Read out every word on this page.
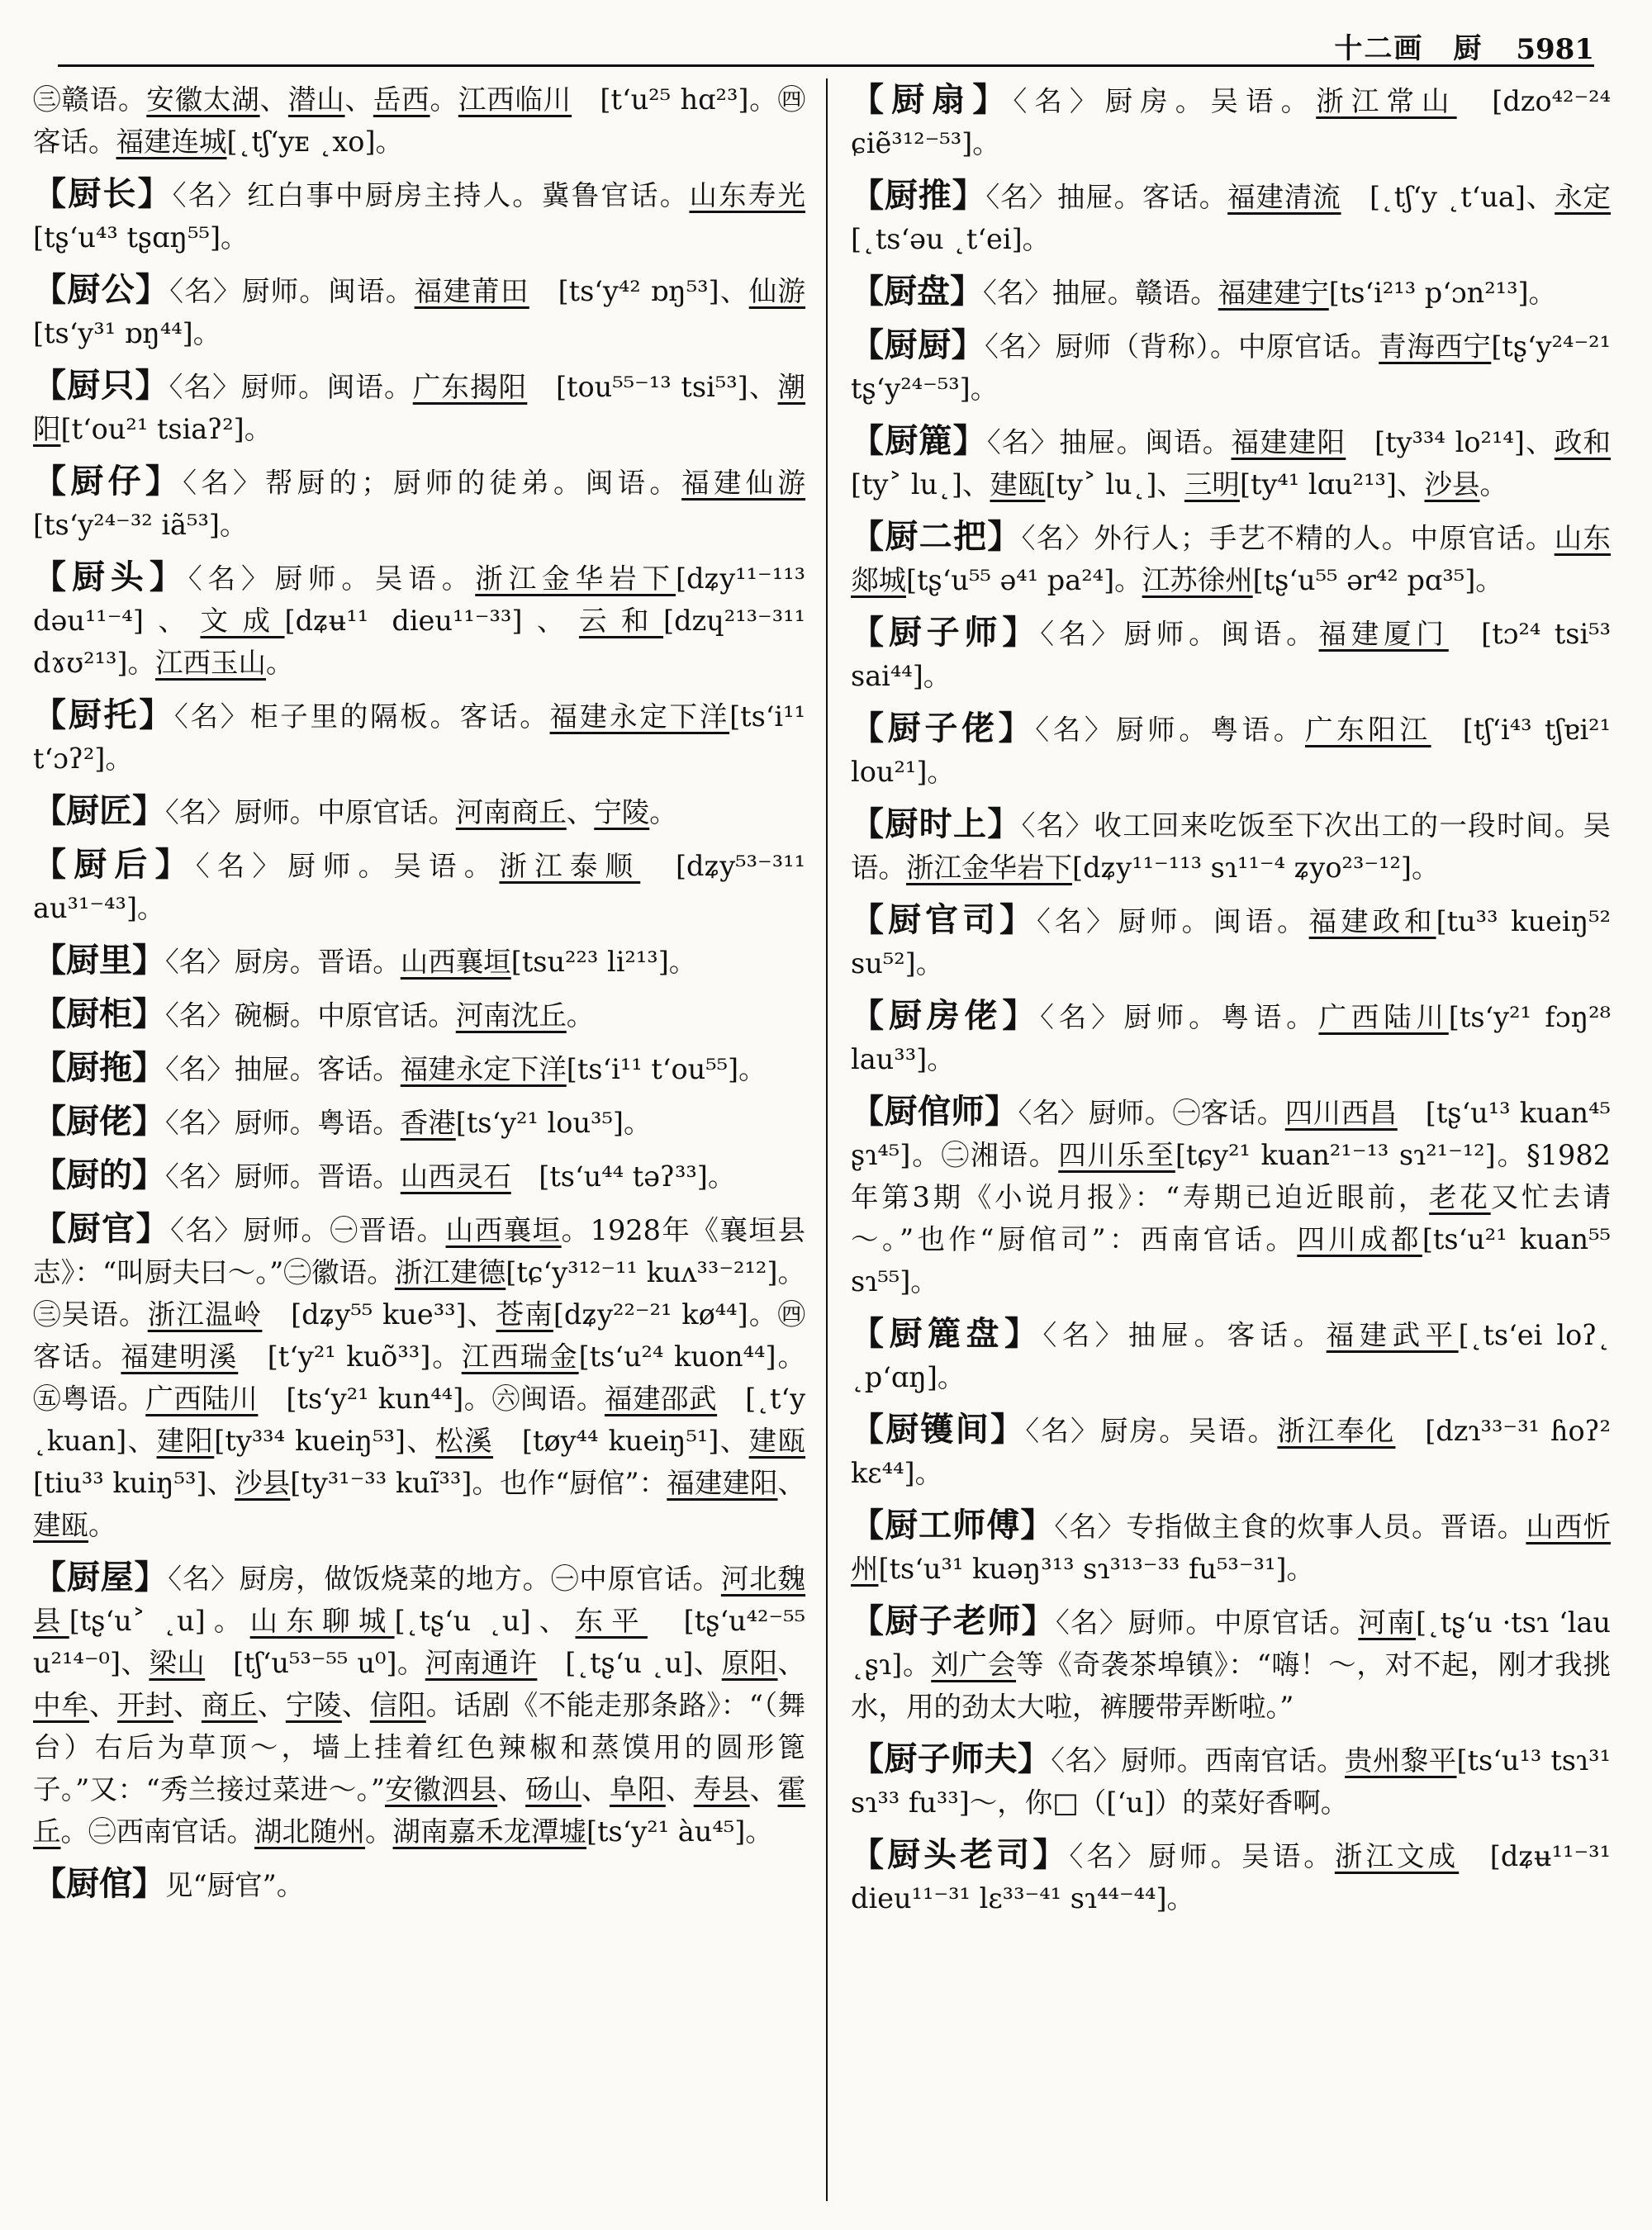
十二画　厨 5981
㊂赣语。安徽太湖、潜山、岳西。江西临川　[t‘u²⁵ hɑ²³]。㊃客话。福建连城[˛tʃ‘yᴇ ˛xo]。
【厨长】〈名〉红白事中厨房主持人。冀鲁官话。山东寿光[tʂ‘u⁴³ tʂɑŋ⁵⁵]。
【厨公】〈名〉厨师。闽语。福建莆田　[ts‘y⁴² ɒŋ⁵³]、仙游[ts‘y³¹ ɒŋ⁴⁴]。
【厨只】〈名〉厨师。闽语。广东揭阳　[tou⁵⁵⁻¹³ tsi⁵³]、潮阳[t‘ou²¹ tsiaʔ²]。
【厨仔】〈名〉帮厨的；厨师的徒弟。闽语。福建仙游[ts‘y²⁴⁻³² iã⁵³]。
【厨头】〈名〉厨师。吴语。浙江金华岩下[dʑy¹¹⁻¹¹³ dəu¹¹⁻⁴]、文成[dʑʉ¹¹ dieu¹¹⁻³³]、云和[dzɥ²¹³⁻³¹¹ dɤʊ²¹³]。江西玉山。
【厨托】〈名〉柜子里的隔板。客话。福建永定下洋[ts‘i¹¹ t‘ɔʔ²]。
【厨匠】〈名〉厨师。中原官话。河南商丘、宁陵。
【厨后】〈名〉厨师。吴语。浙江泰顺　[dʑy⁵³⁻³¹¹ au³¹⁻⁴³]。
【厨里】〈名〉厨房。晋语。山西襄垣[tsu²²³ li²¹³]。
【厨柜】〈名〉碗橱。中原官话。河南沈丘。
【厨拖】〈名〉抽屉。客话。福建永定下洋[ts‘i¹¹ t‘ou⁵⁵]。
【厨佬】〈名〉厨师。粤语。香港[ts‘y²¹ lou³⁵]。
【厨的】〈名〉厨师。晋语。山西灵石　[ts‘u⁴⁴ təʔ³³]。
【厨官】〈名〉厨师。㊀晋语。山西襄垣。1928年《襄垣县志》：“叫厨夫曰～。”㊁徽语。浙江建德[tɕ‘y³¹²⁻¹¹ kuʌ³³⁻²¹²]。㊂吴语。浙江温岭　[dʑy⁵⁵ kue³³]、苍南[dʑy²²⁻²¹ kø⁴⁴]。㊃客话。福建明溪　[t‘y²¹ kuõ³³]。江西瑞金[ts‘u²⁴ kuon⁴⁴]。㊄粤语。广西陆川　[ts‘y²¹ kun⁴⁴]。㊅闽语。福建邵武　[˛t‘y ˛kuan]、建阳[ty³³⁴ kueiŋ⁵³]、松溪　[tøy⁴⁴ kueiŋ⁵¹]、建瓯[tiu³³ kuiŋ⁵³]、沙县[ty³¹⁻³³ kuĩ³³]。也作“厨倌”：福建建阳、建瓯。
【厨屋】〈名〉厨房，做饭烧菜的地方。㊀中原官话。河北魏县[tʂ‘u˃ ˛u]。山东聊城[˛tʂ‘u ˛u]、东平　[tʂ‘u⁴²⁻⁵⁵ u²¹⁴⁻⁰]、梁山　[tʃ‘u⁵³⁻⁵⁵ u⁰]。河南通许　[˛tʂ‘u ˛u]、原阳、中牟、开封、商丘、宁陵、信阳。话剧《不能走那条路》：“（舞台）右后为草顶～，墙上挂着红色辣椒和蒸馍用的圆形篦子。”又：“秀兰接过菜进～。”安徽泗县、砀山、阜阳、寿县、霍丘。㊁西南官话。湖北随州。湖南嘉禾龙潭墟[ts‘y²¹ àu⁴⁵]。
【厨倌】见“厨官”。
【厨扇】〈名〉厨房。吴语。浙江常山　[dzo⁴²⁻²⁴ ɕiẽ³¹²⁻⁵³]。
【厨推】〈名〉抽屉。客话。福建清流　[˛tʃ‘y ˛t‘ua]、永定[˛ts‘əu ˛t‘ei]。
【厨盘】〈名〉抽屉。赣语。福建建宁[ts‘i²¹³ p‘ɔn²¹³]。
【厨厨】〈名〉厨师（背称）。中原官话。青海西宁[tʂ‘y²⁴⁻²¹ tʂ‘y²⁴⁻⁵³]。
【厨簏】〈名〉抽屉。闽语。福建建阳　[ty³³⁴ lo²¹⁴]、政和[ty˃ lu˛]、建瓯[ty˃ lu˛]、三明[ty⁴¹ lɑu²¹³]、沙县。
【厨二把】〈名〉外行人；手艺不精的人。中原官话。山东郯城[tʂ‘u⁵⁵ ə⁴¹ pa²⁴]。江苏徐州[tʂ‘u⁵⁵ ər⁴² pɑ³⁵]。
【厨子师】〈名〉厨师。闽语。福建厦门　[tɔ²⁴ tsi⁵³ sai⁴⁴]。
【厨子佬】〈名〉厨师。粤语。广东阳江　[tʃ‘i⁴³ tʃɐi²¹ lou²¹]。
【厨时上】〈名〉收工回来吃饭至下次出工的一段时间。吴语。浙江金华岩下[dʑy¹¹⁻¹¹³ sɿ¹¹⁻⁴ ʑyo²³⁻¹²]。
【厨官司】〈名〉厨师。闽语。福建政和[tu³³ kueiŋ⁵² su⁵²]。
【厨房佬】〈名〉厨师。粤语。广西陆川[ts‘y²¹ fɔŋ²⁸ lau³³]。
【厨倌师】〈名〉厨师。㊀客话。四川西昌　[tʂ‘u¹³ kuan⁴⁵ ʂɿ⁴⁵]。㊁湘语。四川乐至[tɕy²¹ kuan²¹⁻¹³ sɿ²¹⁻¹²]。§1982年第3期《小说月报》：“寿期已迫近眼前，老花又忙去请～。”也作“厨倌司”：西南官话。四川成都[ts‘u²¹ kuan⁵⁵ sɿ⁵⁵]。
【厨簏盘】〈名〉抽屉。客话。福建武平[˛ts‘ei loʔ˛ ˛p‘ɑŋ]。
【厨镬间】〈名〉厨房。吴语。浙江奉化　[dzɿ³³⁻³¹ ɦoʔ² kɛ⁴⁴]。
【厨工师傅】〈名〉专指做主食的炊事人员。晋语。山西忻州[ts‘u³¹ kuəŋ³¹³ sɿ³¹³⁻³³ fu⁵³⁻³¹]。
【厨子老师】〈名〉厨师。中原官话。河南[˛tʂ‘u ·tsɿ ‘lau ˛ʂɿ]。刘广会等《奇袭茶埠镇》：“嗨！～，对不起，刚才我挑水，用的劲太大啦，裤腰带弄断啦。”
【厨子师夫】〈名〉厨师。西南官话。贵州黎平[ts‘u¹³ tsɿ³¹ sɿ³³ fu³³]～，你□（[‘u]）的菜好香啊。
【厨头老司】〈名〉厨师。吴语。浙江文成　[dʑʉ¹¹⁻³¹ dieu¹¹⁻³¹ lɛ³³⁻⁴¹ sɿ⁴⁴⁻⁴⁴]。
